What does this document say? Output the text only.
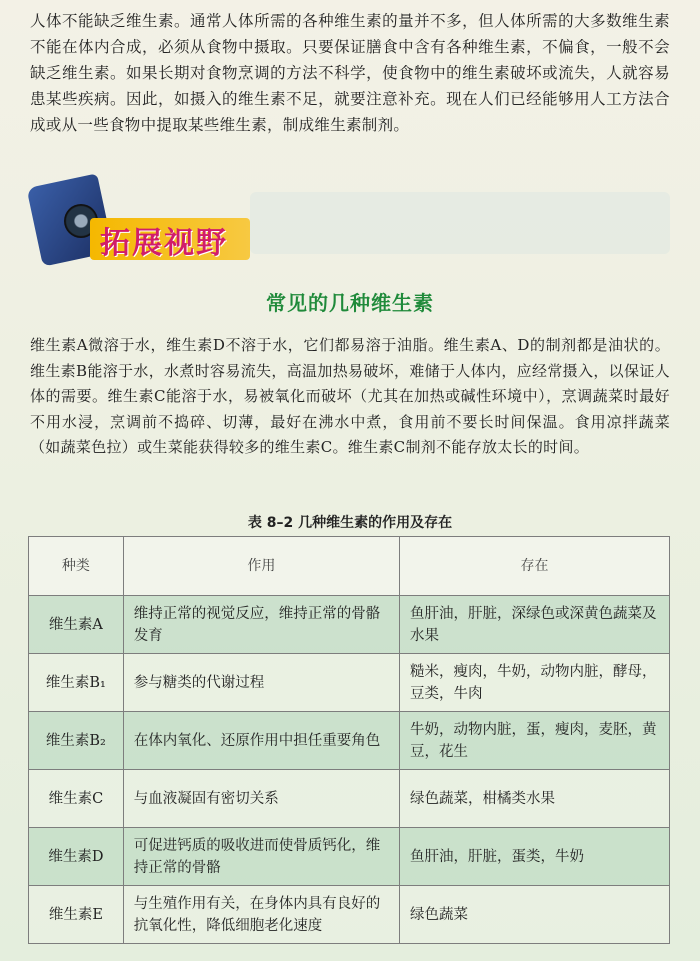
人体不能缺乏维生素。通常人体所需的各种维生素的量并不多，但人体所需的大多数维生素不能在体内合成，必须从食物中摄取。只要保证膳食中含有各种维生素，不偏食，一般不会缺乏维生素。如果长期对食物烹调的方法不科学，使食物中的维生素破坏或流失，人就容易患某些疾病。因此，如摄入的维生素不足，就要注意补充。现在人们已经能够用人工方法合成或从一些食物中提取某些维生素，制成维生素制剂。

拓展视野
常见的几种维生素

维生素A微溶于水，维生素D不溶于水，它们都易溶于油脂。维生素A、D的制剂都是油状的。维生素B能溶于水，水煮时容易流失，高温加热易破坏，难储于人体内，应经常摄入，以保证人体的需要。维生素C能溶于水，易被氧化而破坏（尤其在加热或碱性环境中），烹调蔬菜时最好不用水浸，烹调前不捣碎、切薄，最好在沸水中煮，食用前不要长时间保温。食用凉拌蔬菜（如蔬菜色拉）或生菜能获得较多的维生素C。维生素C制剂不能存放太长的时间。

表 8–2 几种维生素的作用及存在
种类	作用	存在
维生素A	维持正常的视觉反应，维持正常的骨骼发育	鱼肝油，肝脏，深绿色或深黄色蔬菜及水果
维生素B₁	参与糖类的代谢过程	糙米，瘦肉，牛奶，动物内脏，酵母，豆类，牛肉
维生素B₂	在体内氧化、还原作用中担任重要角色	牛奶，动物内脏，蛋，瘦肉，麦胚，黄豆，花生
维生素C	与血液凝固有密切关系	绿色蔬菜，柑橘类水果
维生素D	可促进钙质的吸收进而使骨质钙化，维持正常的骨骼	鱼肝油，肝脏，蛋类，牛奶
维生素E	与生殖作用有关，在身体内具有良好的抗氧化性，降低细胞老化速度	绿色蔬菜
